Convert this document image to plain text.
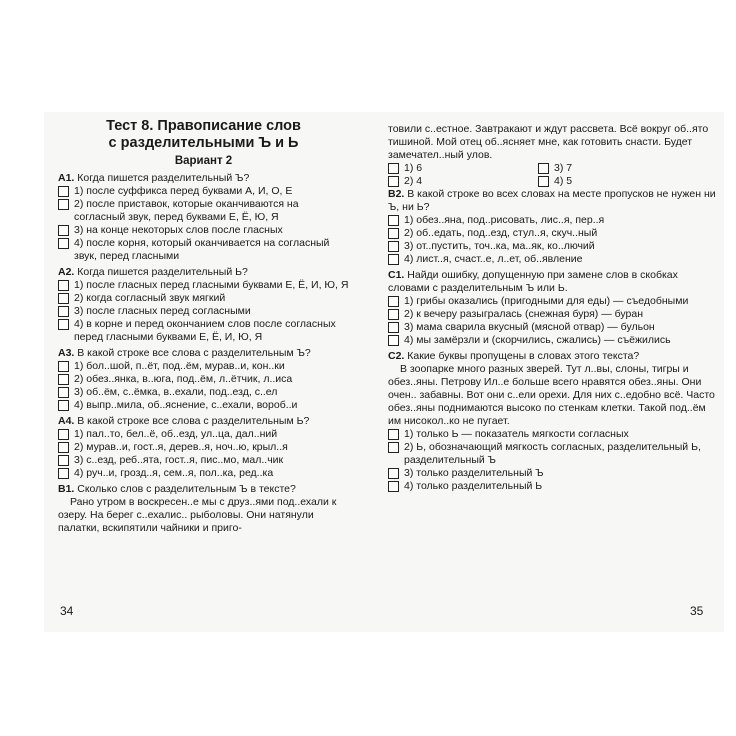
Тест 8. Правописание слов
с разделительными Ъ и Ь
Вариант 2

А1. Когда пишется разделительный Ъ?

1) после суффикса перед буквами А, И, О, Е
2) после приставок, которые оканчиваются на согласный звук, перед буквами Е, Ё, Ю, Я
3) на конце некоторых слов после гласных
4) после корня, который оканчивается на согласный звук, перед гласными

А2. Когда пишется разделительный Ь?

1) после гласных перед гласными буквами Е, Ё, И, Ю, Я
2) когда согласный звук мягкий
3) после гласных перед согласными
4) в корне и перед окончанием слов после согласных перед гласными буквами Е, Ё, И, Ю, Я

А3. В какой строке все слова с разделительным Ъ?

1) бол..шой, п..ёт, под..ём, мурав..и, кон..ки
2) обез..янка, в..юга, под..ём, л..ётчик, л..иса
3) об..ём, с..ёмка, в..ехали, под..езд, с..ел
4) выпр..мила, об..яснение, с..ехали, вороб..и

А4. В какой строке все слова с разделительным Ь?

1) пал..то, бел..ё, об..езд, ул..ца, дал..ний
2) мурав..и, гост..я, дерев..я, ноч..ю, крыл..я
3) с..езд, реб..ята, гост..я, пис..мо, мал..чик
4) руч..и, грозд..я, сем..я, пол..ка, ред..ка

В1. Сколько слов с разделительным Ъ в тексте?

Рано утром в воскресен..е мы с друз..ями под..ехали к озеру. На берег с..ехалис.. рыболовы. Они натянули палатки, вскипятили чайники и приго-

34

товили с..естное. Завтракают и ждут рассвета. Всё вокруг об..ято тишиной. Мой отец об..ясняет мне, как готовить снасти. Будет замечател..ный улов.

1) 6	3) 7
2) 4	4) 5

В2. В какой строке во всех словах на месте пропусков не нужен ни Ъ, ни Ь?

1) обез..яна, под..рисовать, лис..я, пер..я
2) об..едать, под..езд, стул..я, скуч..ный
3) от..пустить, точ..ка, ма..як, ко..лючий
4) лист..я, счаст..е, л..ет, об..явление

С1. Найди ошибку, допущенную при замене слов в скобках словами с разделительным Ъ или Ь.

1) грибы оказались (пригодными для еды) — съедобными
2) к вечеру разыгралась (снежная буря) — буран
3) мама сварила вкусный (мясной отвар) — бульон
4) мы замёрзли и (скорчились, сжались) — съёжились

С2. Какие буквы пропущены в словах этого текста?

В зоопарке много разных зверей. Тут л..вы, слоны, тигры и обез..яны. Петрову Ил..е больше всего нравятся обез..яны. Они очен.. забавны. Вот они с..ели орехи. Для них с..едобно всё. Часто обез..яны поднимаются высоко по стенкам клетки. Такой под..ём им нисокол..ко не пугает.

1) только Ь — показатель мягкости согласных
2) Ь, обозначающий мягкость согласных, разделительный Ь, разделительный Ъ
3) только разделительный Ъ
4) только разделительный Ь
35
